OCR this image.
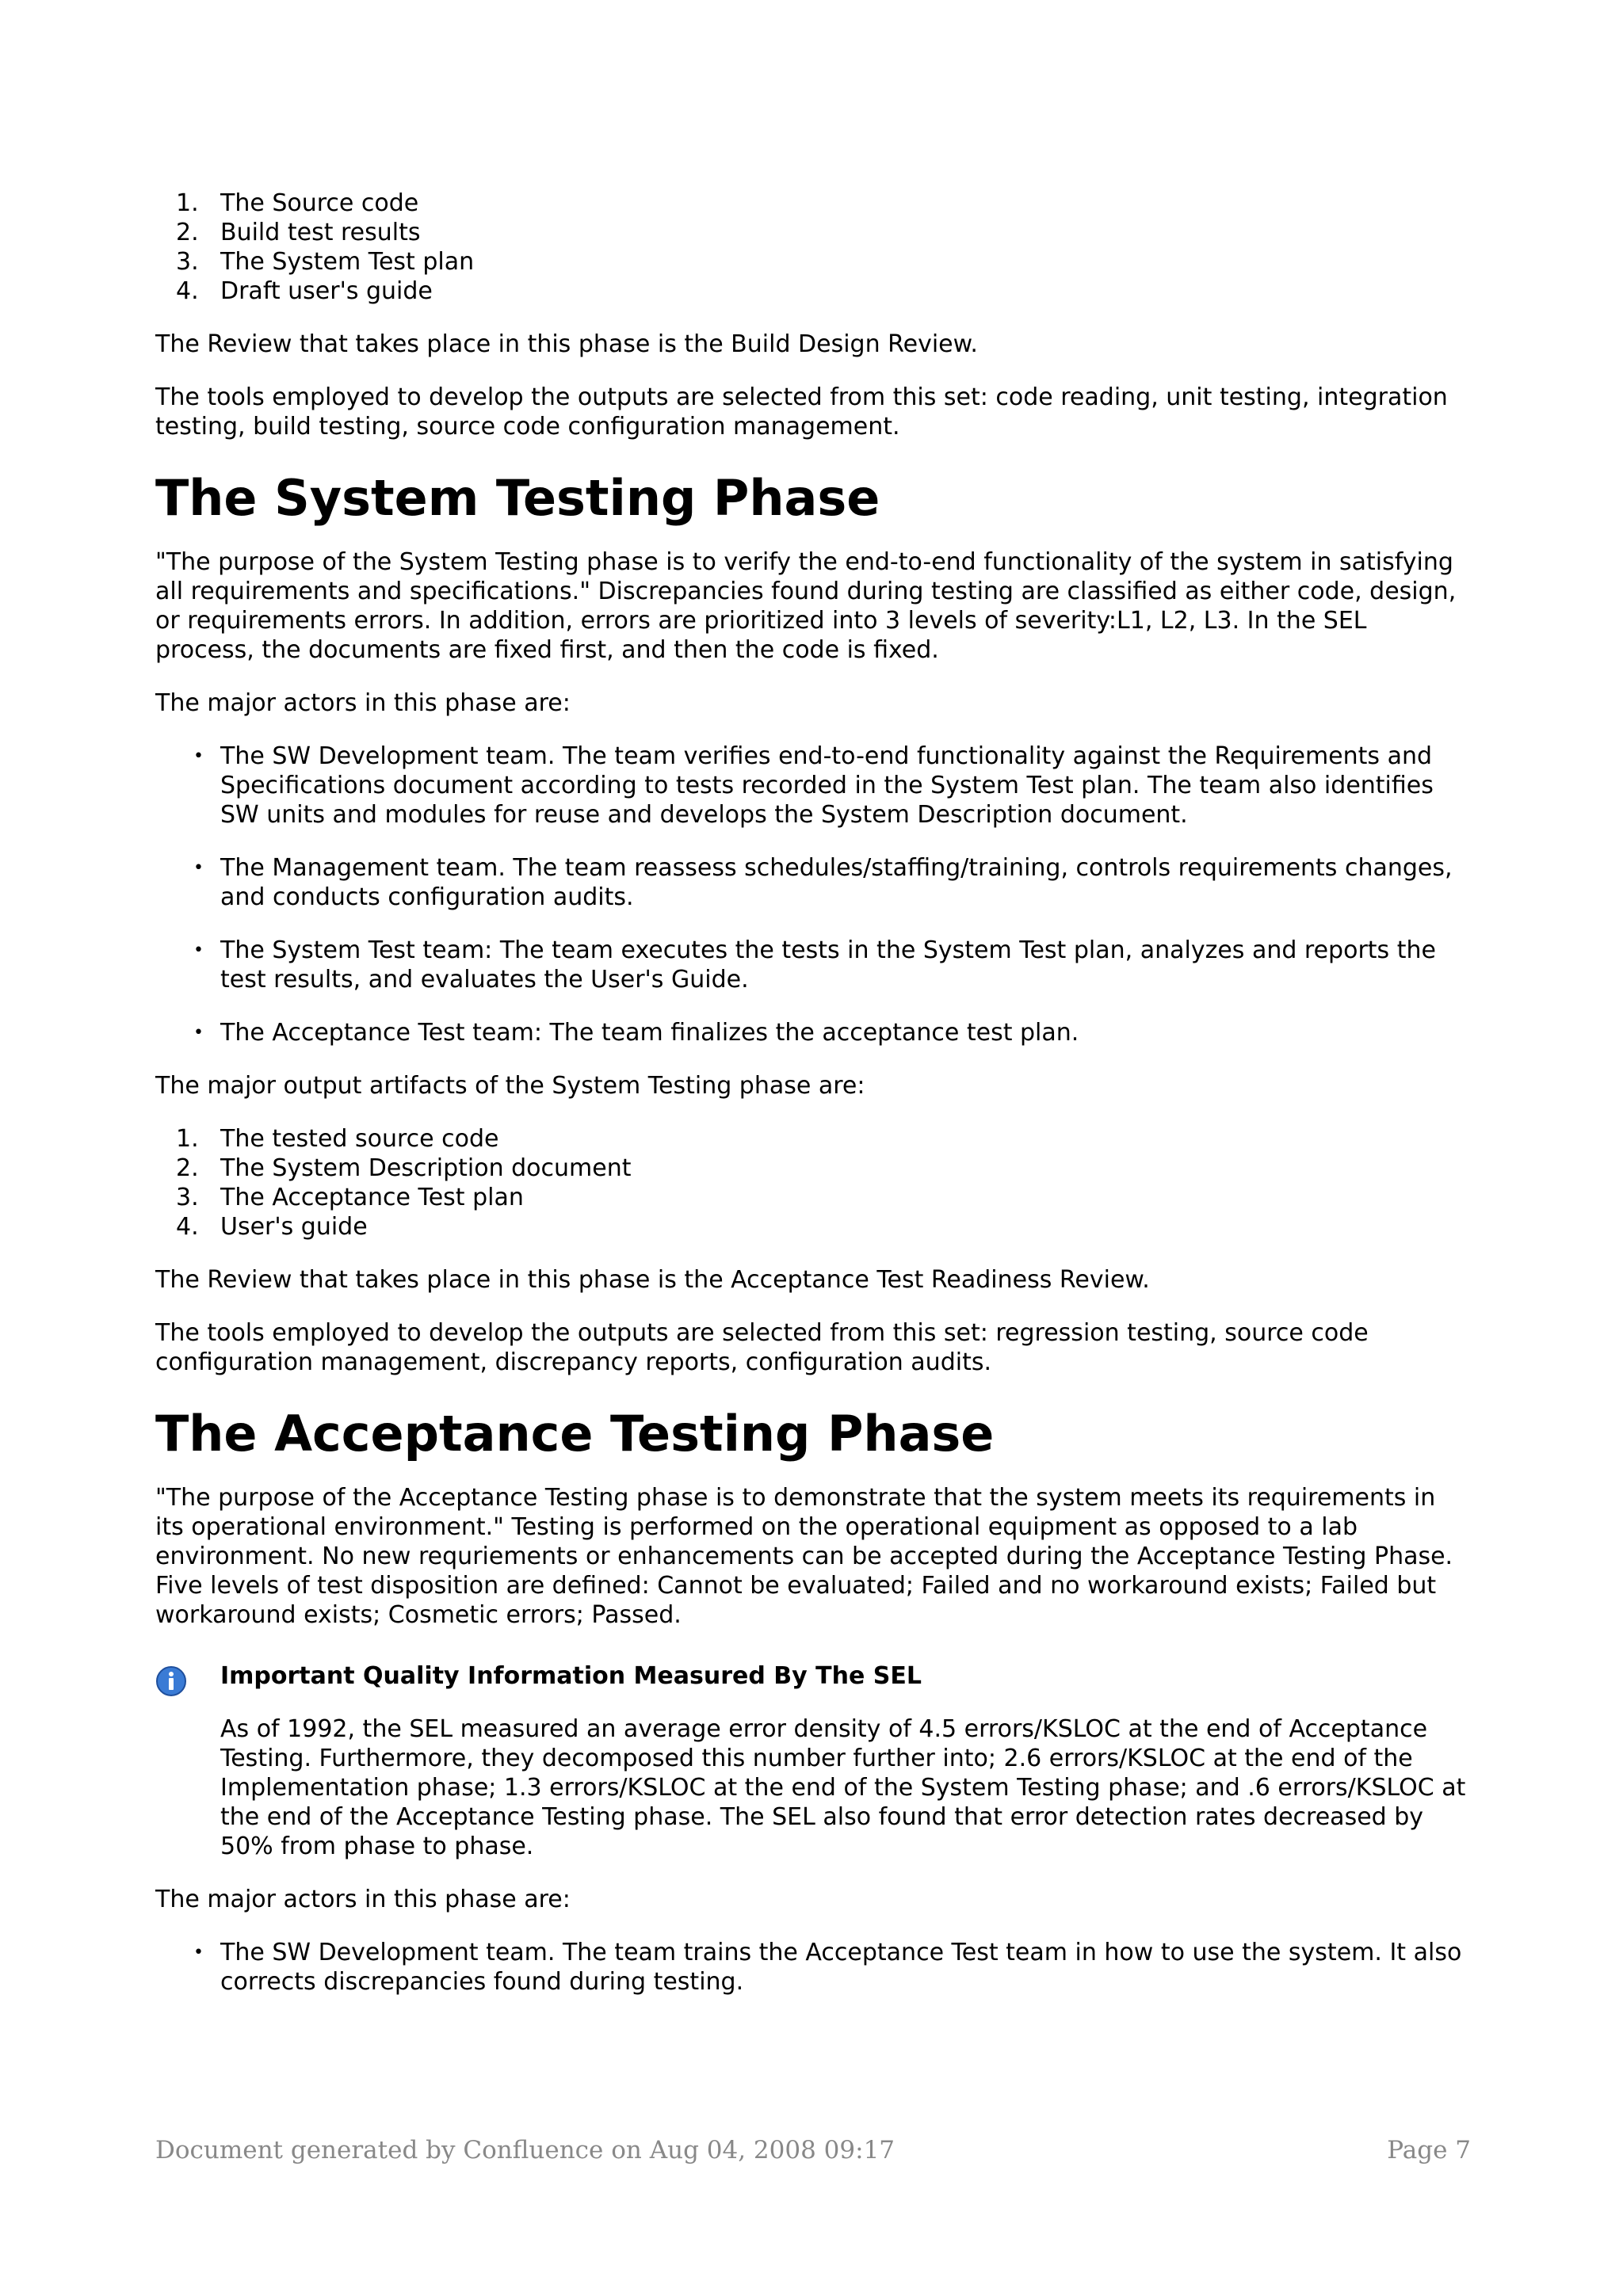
1. The Source code
2. Build test results
3. The System Test plan
4. Draft user's guide

The Review that takes place in this phase is the Build Design Review.

The tools employed to develop the outputs are selected from this set: code reading, unit testing, integration testing, build testing, source code configuration management.

The System Testing Phase

"The purpose of the System Testing phase is to verify the end-to-end functionality of the system in satisfying all requirements and specifications." Discrepancies found during testing are classified as either code, design, or requirements errors. In addition, errors are prioritized into 3 levels of severity:L1, L2, L3. In the SEL process, the documents are fixed first, and then the code is fixed.

The major actors in this phase are:

• The SW Development team. The team verifies end-to-end functionality against the Requirements and Specifications document according to tests recorded in the System Test plan. The team also identifies SW units and modules for reuse and develops the System Description document.
• The Management team. The team reassess schedules/staffing/training, controls requirements changes, and conducts configuration audits.
• The System Test team: The team executes the tests in the System Test plan, analyzes and reports the test results, and evaluates the User's Guide.
• The Acceptance Test team: The team finalizes the acceptance test plan.

The major output artifacts of the System Testing phase are:

1. The tested source code
2. The System Description document
3. The Acceptance Test plan
4. User's guide

The Review that takes place in this phase is the Acceptance Test Readiness Review.

The tools employed to develop the outputs are selected from this set: regression testing, source code configuration management, discrepancy reports, configuration audits.

The Acceptance Testing Phase

"The purpose of the Acceptance Testing phase is to demonstrate that the system meets its requirements in its operational environment." Testing is performed on the operational equipment as opposed to a lab environment. No new requriements or enhancements can be accepted during the Acceptance Testing Phase. Five levels of test disposition are defined: Cannot be evaluated; Failed and no workaround exists; Failed but workaround exists; Cosmetic errors; Passed.

Important Quality Information Measured By The SEL

As of 1992, the SEL measured an average error density of 4.5 errors/KSLOC at the end of Acceptance Testing. Furthermore, they decomposed this number further into; 2.6 errors/KSLOC at the end of the Implementation phase; 1.3 errors/KSLOC at the end of the System Testing phase; and .6 errors/KSLOC at the end of the Acceptance Testing phase. The SEL also found that error detection rates decreased by 50% from phase to phase.

The major actors in this phase are:

• The SW Development team. The team trains the Acceptance Test team in how to use the system. It also corrects discrepancies found during testing.
Document generated by Confluence on Aug 04, 2008 09:17	Page 7
